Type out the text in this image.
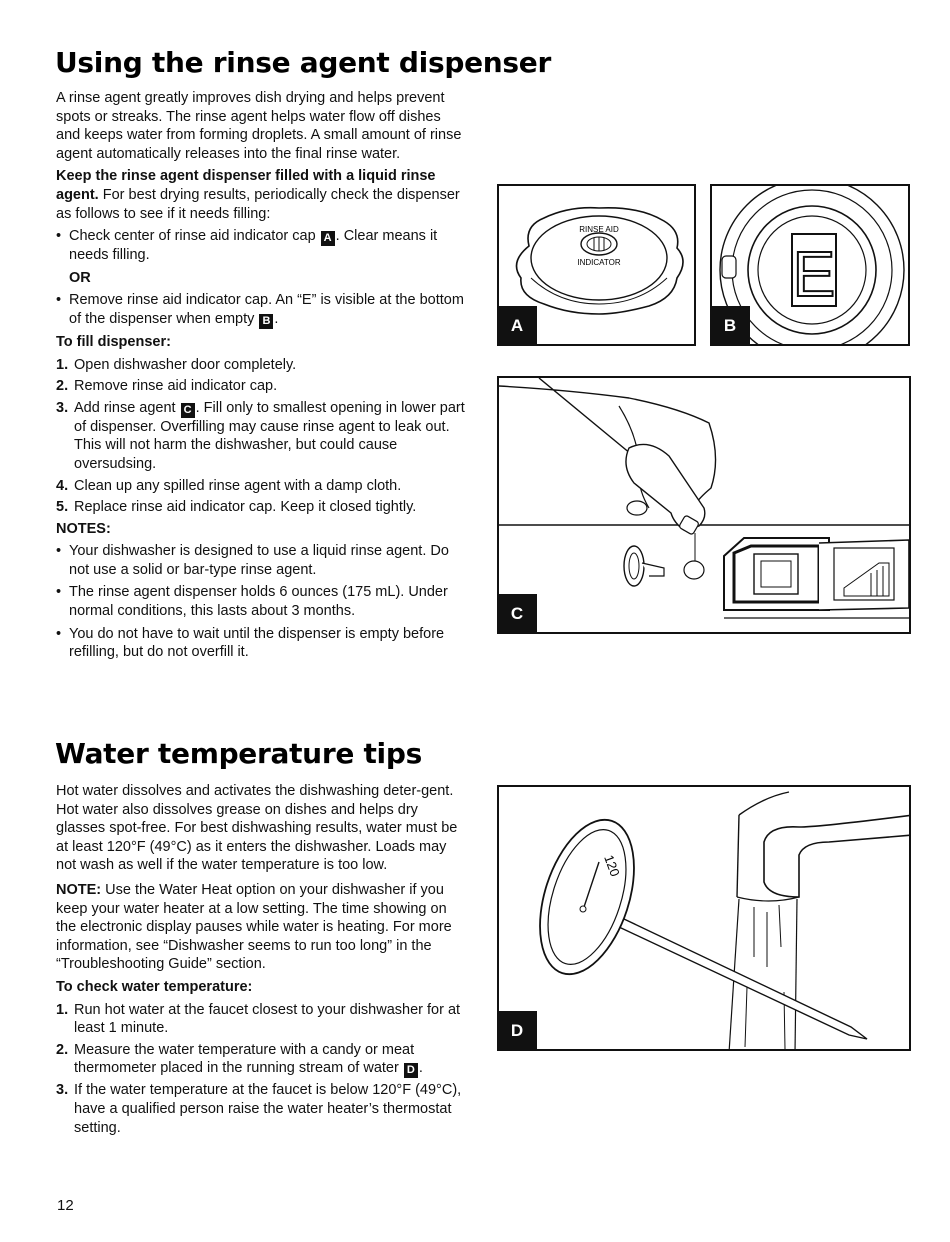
Using the rinse agent dispenser

A rinse agent greatly improves dish drying and helps prevent spots or streaks. The rinse agent helps water flow off dishes and keeps water from forming droplets. A small amount of rinse agent automatically releases into the final rinse water.

Keep the rinse agent dispenser filled with a liquid rinse agent. For best drying results, periodically check the dispenser as follows to see if it needs filling:

• Check center of rinse aid indicator cap A . Clear means it needs filling.

OR

• Remove rinse aid indicator cap. An “E” is visible at the bottom of the dispenser when empty B .

To fill dispenser:

1. Open dishwasher door completely.
2. Remove rinse aid indicator cap.
3. Add rinse agent C . Fill only to smallest opening in lower part of dispenser. Overfilling may cause rinse agent to leak out. This will not harm the dishwasher, but could cause oversudsing.
4. Clean up any spilled rinse agent with a damp cloth.
5. Replace rinse aid indicator cap. Keep it closed tightly.

NOTES:

• Your dishwasher is designed to use a liquid rinse agent. Do not use a solid or bar-type rinse agent.
• The rinse agent dispenser holds 6 ounces (175 mL). Under normal conditions, this lasts about 3 months.
• You do not have to wait until the dispenser is empty before refilling, but do not overfill it.
RINSE AID
INDICATOR
A
E
B
C
Water temperature tips

Hot water dissolves and activates the dishwashing deter-gent. Hot water also dissolves grease on dishes and helps dry glasses spot-free. For best dishwashing results, water must be at least 120°F (49°C) as it enters the dishwasher. Loads may not wash as well if the water temperature is too low.

NOTE: Use the Water Heat option on your dishwasher if you keep your water heater at a low setting. The time showing on the electronic display pauses while water is heating. For more information, see “Dishwasher seems to run too long” in the “Troubleshooting Guide” section.

To check water temperature:

1. Run hot water at the faucet closest to your dishwasher for at least 1 minute.
2. Measure the water temperature with a candy or meat thermometer placed in the running stream of water D .
3. If the water temperature at the faucet is below 120°F (49°C), have a qualified person raise the water heater’s thermostat setting.
120
D
12
